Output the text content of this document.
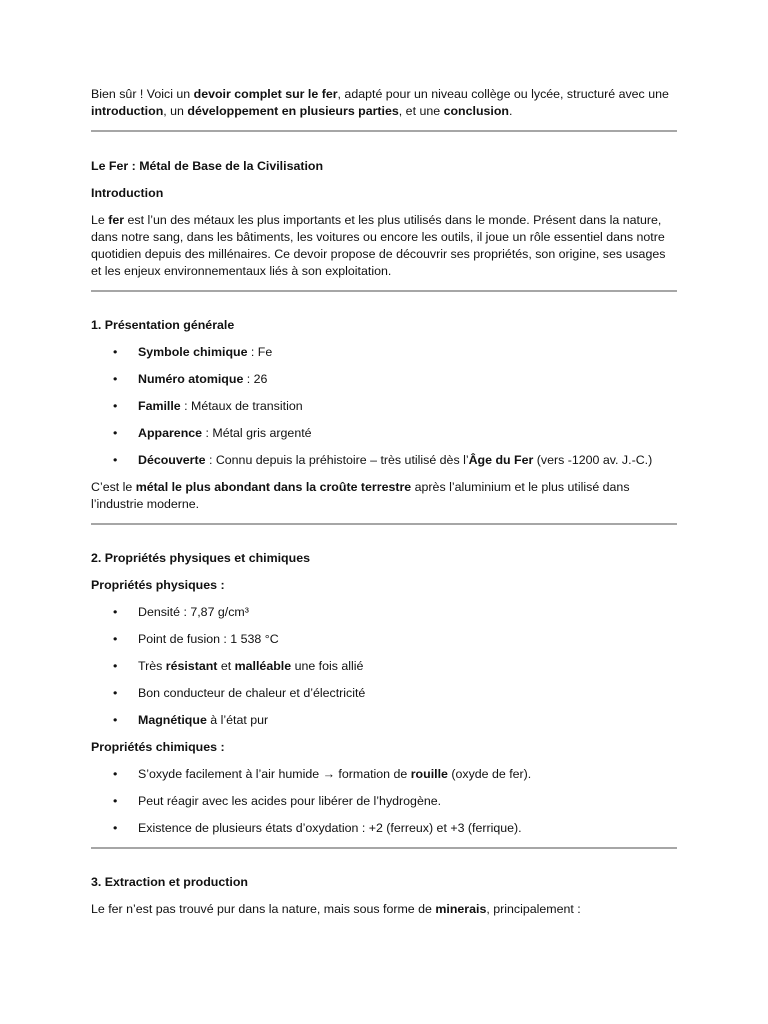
Bien sûr ! Voici un devoir complet sur le fer, adapté pour un niveau collège ou lycée, structuré avec une introduction, un développement en plusieurs parties, et une conclusion.

Le Fer : Métal de Base de la Civilisation

Introduction

Le fer est l’un des métaux les plus importants et les plus utilisés dans le monde. Présent dans la nature, dans notre sang, dans les bâtiments, les voitures ou encore les outils, il joue un rôle essentiel dans notre quotidien depuis des millénaires. Ce devoir propose de découvrir ses propriétés, son origine, ses usages et les enjeux environnementaux liés à son exploitation.

1. Présentation générale

• Symbole chimique : Fe
• Numéro atomique : 26
• Famille : Métaux de transition
• Apparence : Métal gris argenté
• Découverte : Connu depuis la préhistoire – très utilisé dès l’Âge du Fer (vers -1200 av. J.-C.)

C’est le métal le plus abondant dans la croûte terrestre après l’aluminium et le plus utilisé dans l’industrie moderne.

2. Propriétés physiques et chimiques

Propriétés physiques :

• Densité : 7,87 g/cm³
• Point de fusion : 1 538 °C
• Très résistant et malléable une fois allié
• Bon conducteur de chaleur et d’électricité
• Magnétique à l’état pur

Propriétés chimiques :

• S’oxyde facilement à l’air humide → formation de rouille (oxyde de fer).
• Peut réagir avec les acides pour libérer de l’hydrogène.
• Existence de plusieurs états d’oxydation : +2 (ferreux) et +3 (ferrique).

3. Extraction et production

Le fer n’est pas trouvé pur dans la nature, mais sous forme de minerais, principalement :
